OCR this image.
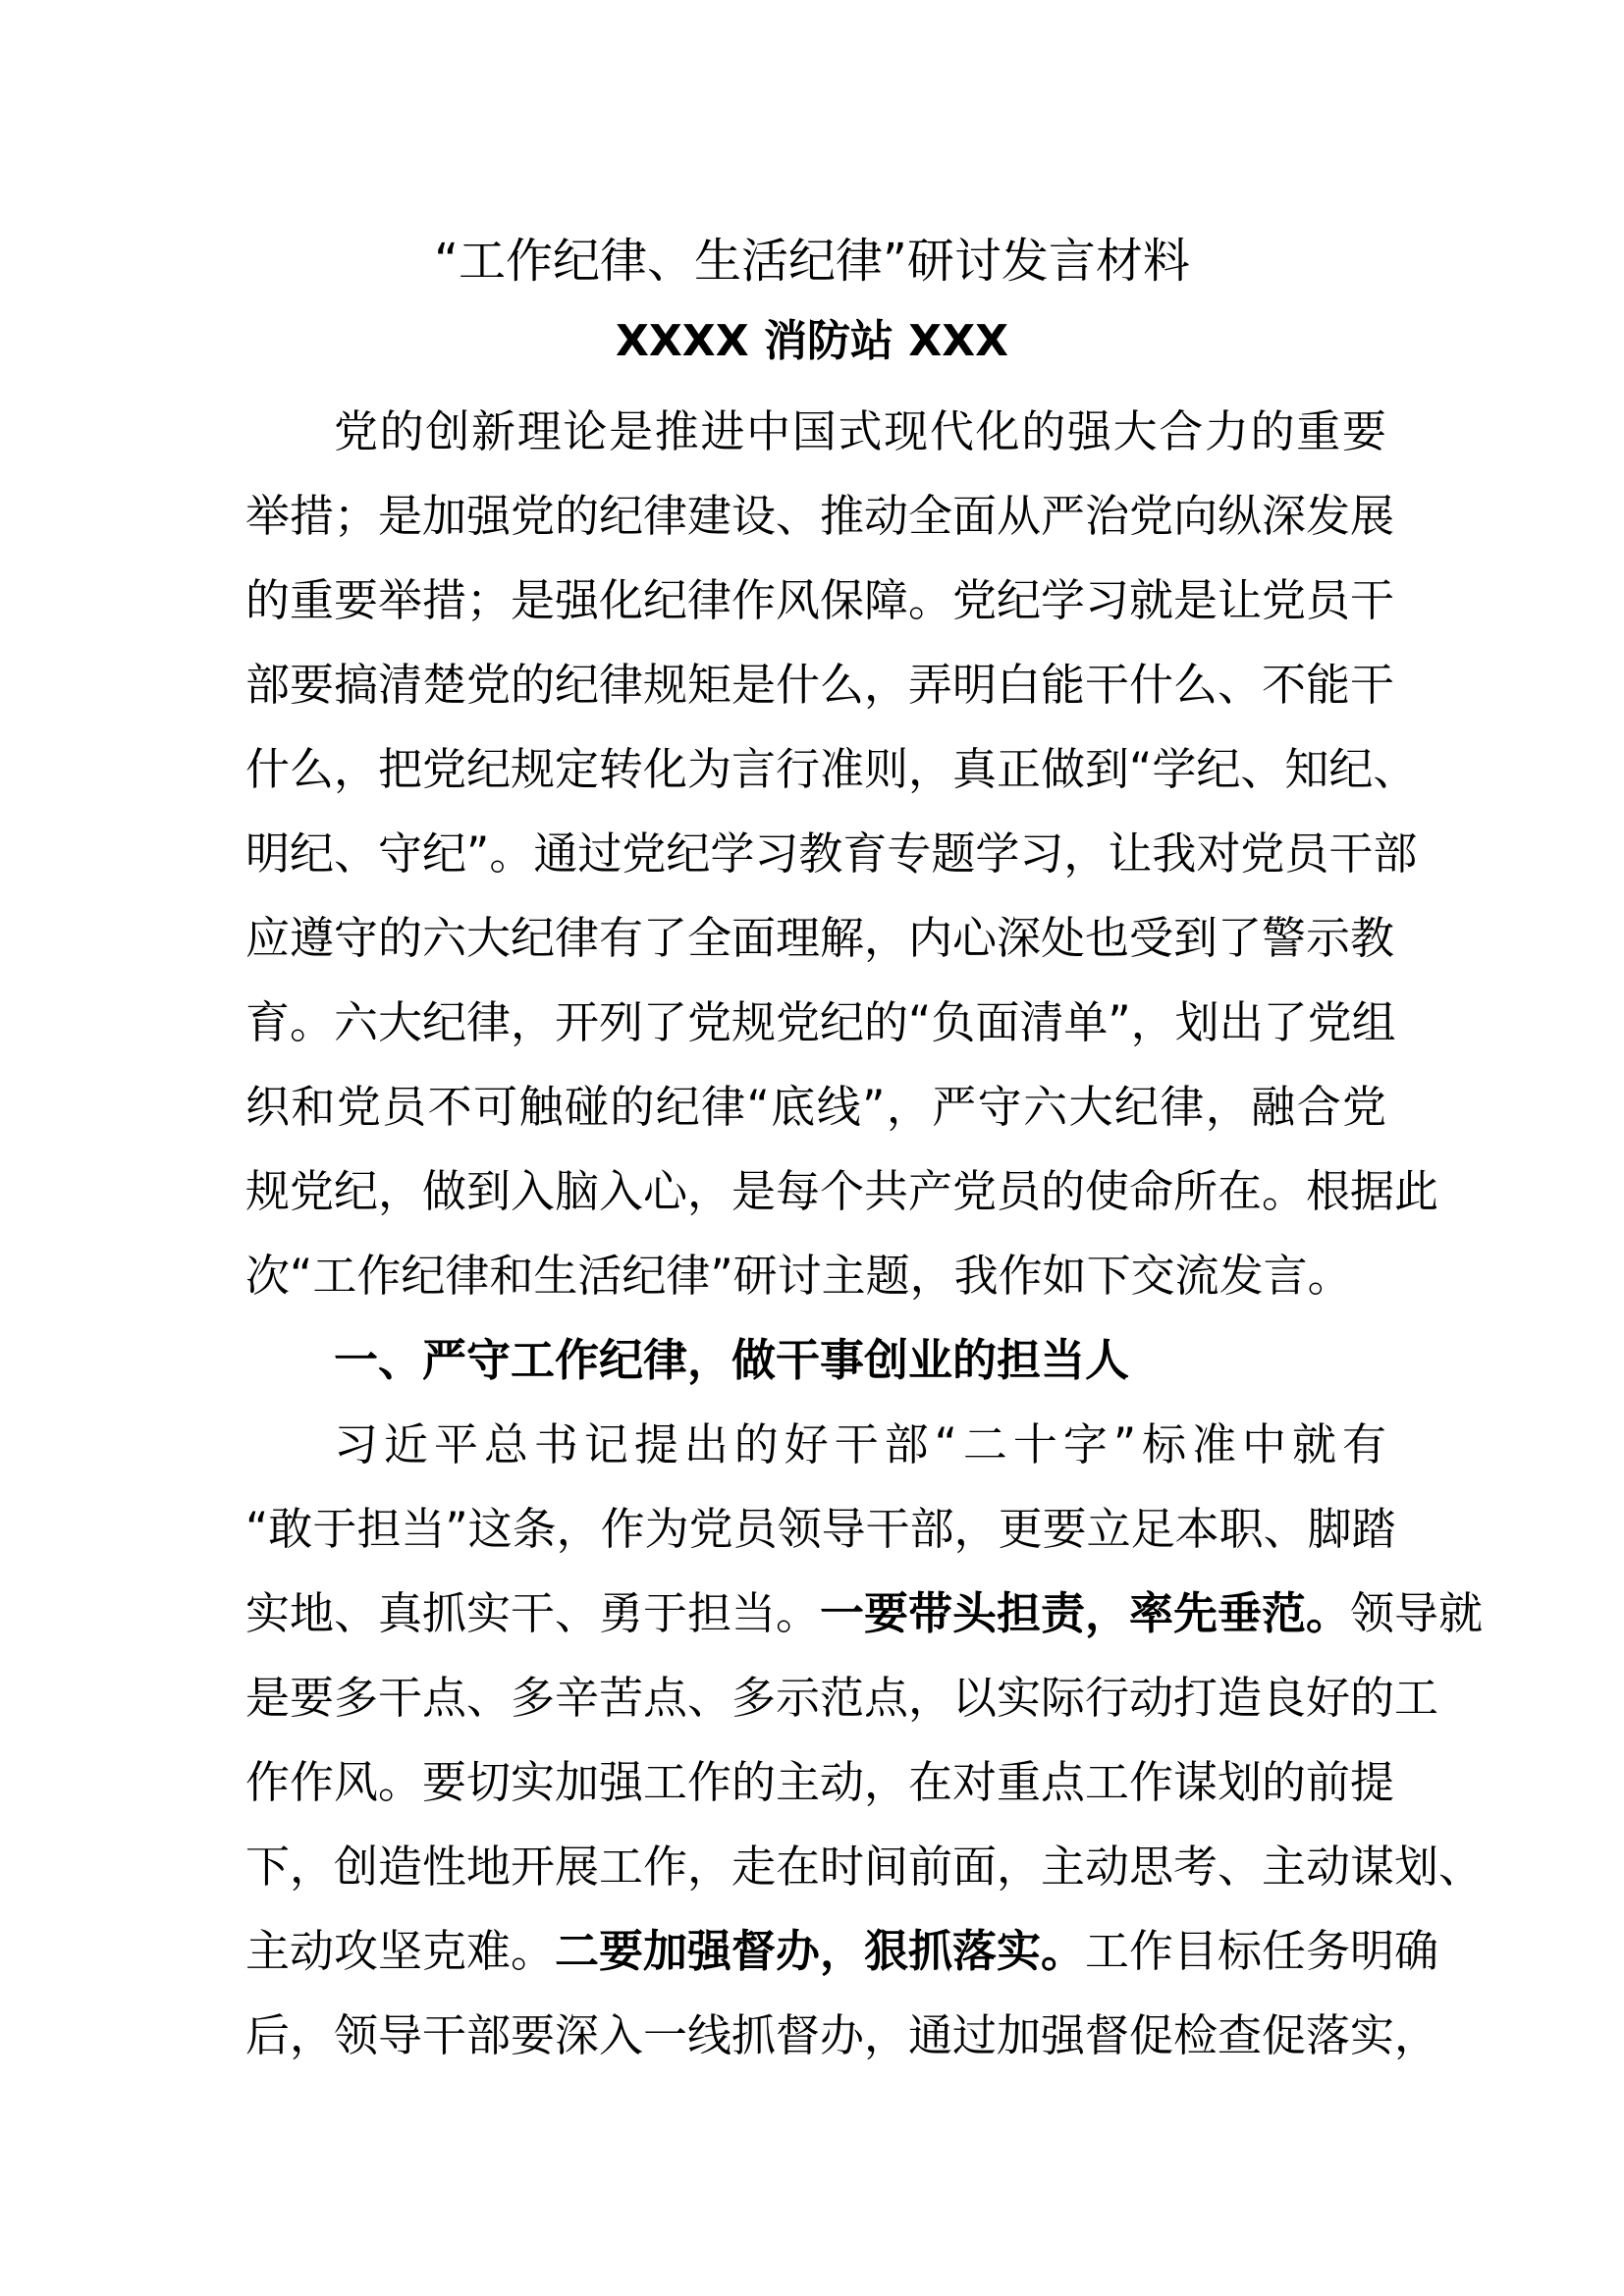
“工作纪律、生活纪律”研讨发言材料
XXXX 消防站 XXX
党的创新理论是推进中国式现代化的强大合力的重要
举措；是加强党的纪律建设、推动全面从严治党向纵深发展
的重要举措；是强化纪律作风保障。党纪学习就是让党员干
部要搞清楚党的纪律规矩是什么，弄明白能干什么、不能干
什么，把党纪规定转化为言行准则，真正做到“学纪、知纪、
明纪、守纪”。通过党纪学习教育专题学习，让我对党员干部
应遵守的六大纪律有了全面理解，内心深处也受到了警示教
育。六大纪律，开列了党规党纪的“负面清单”，划出了党组
织和党员不可触碰的纪律“底线”，严守六大纪律，融合党
规党纪，做到入脑入心，是每个共产党员的使命所在。根据此
次“工作纪律和生活纪律”研讨主题，我作如下交流发言。
一、严守工作纪律，做干事创业的担当人
习近平总书记提出的好干部“二十字”标准中就有
“敢于担当”这条，作为党员领导干部，更要立足本职、脚踏
实地、真抓实干、勇于担当。一要带头担责，率先垂范。领导就
是要多干点、多辛苦点、多示范点，以实际行动打造良好的工
作作风。要切实加强工作的主动，在对重点工作谋划的前提
下，创造性地开展工作，走在时间前面，主动思考、主动谋划、
主动攻坚克难。二要加强督办，狠抓落实。工作目标任务明确
后，领导干部要深入一线抓督办，通过加强督促检查促落实，
